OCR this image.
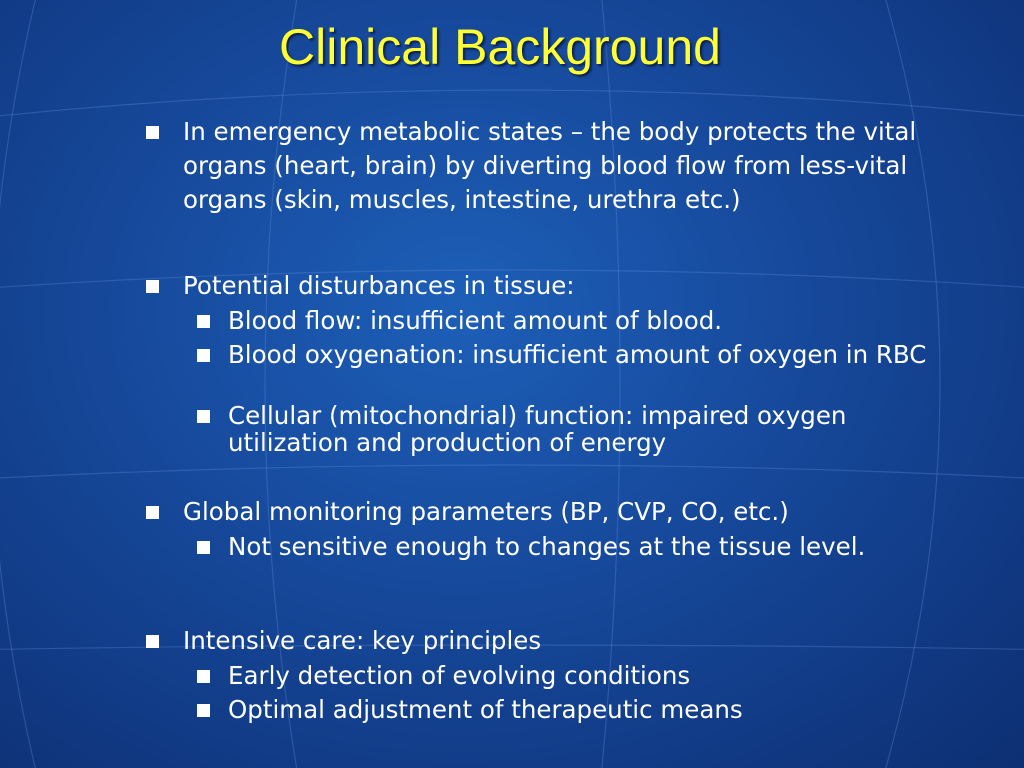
Clinical Background
In emergency metabolic states – the body protects the vital organs (heart, brain) by diverting blood flow from less-vital organs (skin, muscles, intestine, urethra etc.)
Potential disturbances in tissue:
Blood flow: insufficient amount of blood.
Blood oxygenation: insufficient amount of oxygen in RBC
Cellular (mitochondrial) function: impaired oxygen utilization and production of energy
Global monitoring parameters (BP, CVP, CO, etc.)
Not sensitive enough to changes at the tissue level.
Intensive care: key principles
Early detection of evolving conditions
Optimal adjustment of therapeutic means
